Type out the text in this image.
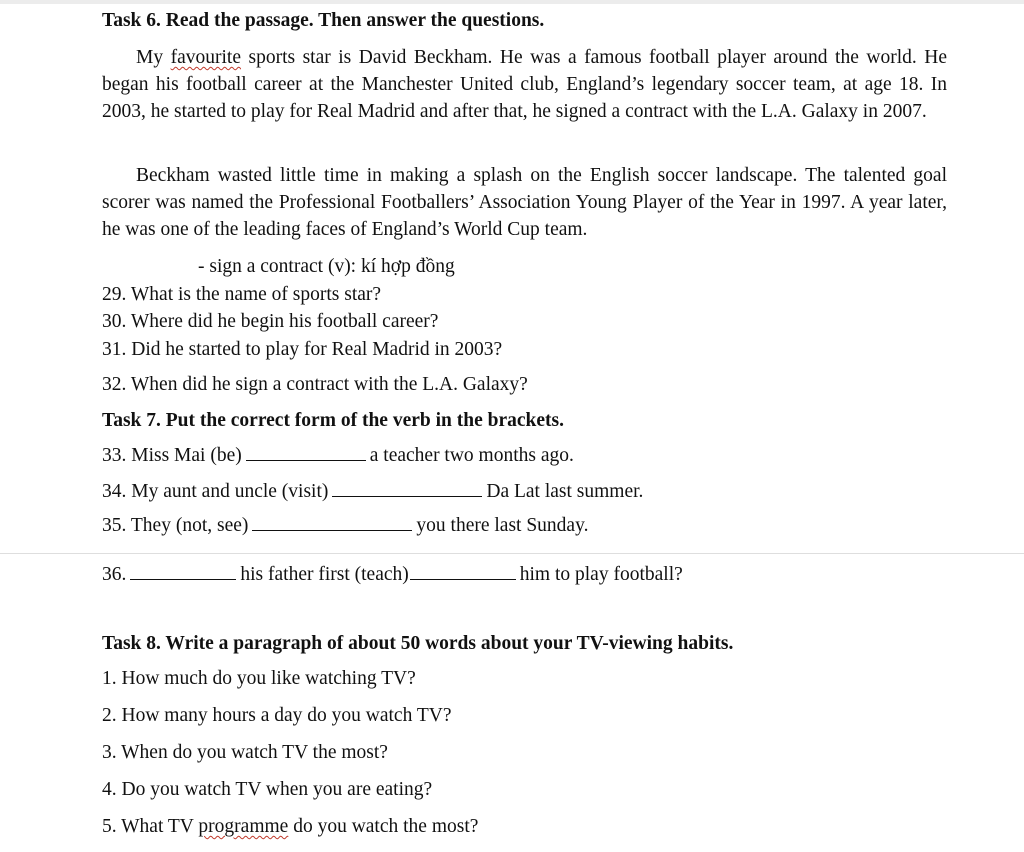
Task 6. Read the passage. Then answer the questions.

My favourite sports star is David Beckham. He was a famous football player around the world. He began his football career at the Manchester United club, England’s legendary soccer team, at age 18. In 2003, he started to play for Real Madrid and after that, he signed a contract with the L.A. Galaxy in 2007.

Beckham wasted little time in making a splash on the English soccer landscape. The talented goal scorer was named the Professional Footballers’ Association Young Player of the Year in 1997. A year later, he was one of the leading faces of England’s World Cup team.

- sign a contract (v): kí hợp đồng
29. What is the name of sports star?
30. Where did he begin his football career?
31. Did he started to play for Real Madrid in 2003?
32. When did he sign a contract with the L.A. Galaxy?
Task 7. Put the correct form of the verb in the brackets.
33. Miss Mai (be)	a teacher two months ago.
34. My aunt and uncle (visit)	Da Lat last summer.
35. They (not, see)	you there last Sunday.
36.	his father first (teach)	him to play football?
Task 8. Write a paragraph of about 50 words about your TV-viewing habits.
1. How much do you like watching TV?
2. How many hours a day do you watch TV?
3. When do you watch TV the most?
4. Do you watch TV when you are eating?
5. What TV programme do you watch the most?
